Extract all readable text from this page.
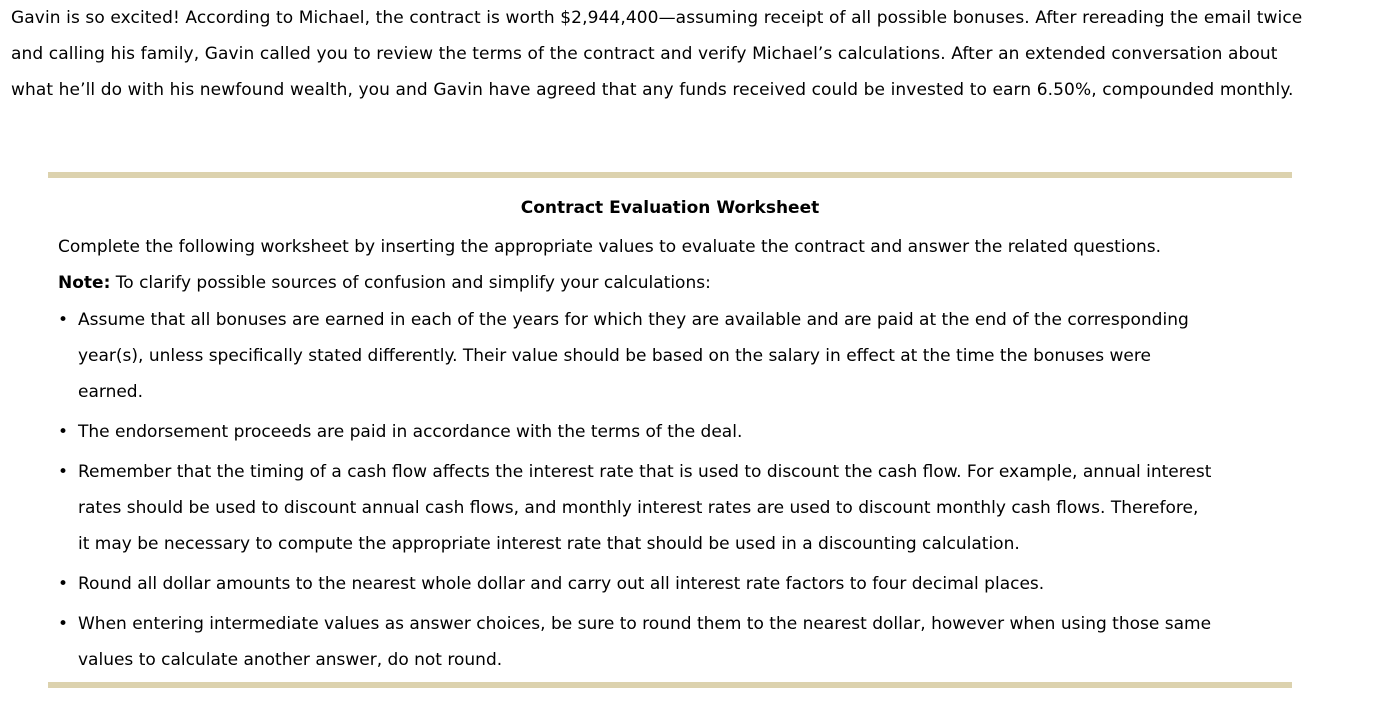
Gavin is so excited! According to Michael, the contract is worth $2,944,400—assuming receipt of all possible bonuses. After rereading the email twice
and calling his family, Gavin called you to review the terms of the contract and verify Michael’s calculations. After an extended conversation about
what he’ll do with his newfound wealth, you and Gavin have agreed that any funds received could be invested to earn 6.50%, compounded monthly.
Contract Evaluation Worksheet
Complete the following worksheet by inserting the appropriate values to evaluate the contract and answer the related questions.
Note: To clarify possible sources of confusion and simplify your calculations:
• Assume that all bonuses are earned in each of the years for which they are available and are paid at the end of the corresponding
year(s), unless specifically stated differently. Their value should be based on the salary in effect at the time the bonuses were
earned.
• The endorsement proceeds are paid in accordance with the terms of the deal.
• Remember that the timing of a cash flow affects the interest rate that is used to discount the cash flow. For example, annual interest
rates should be used to discount annual cash flows, and monthly interest rates are used to discount monthly cash flows. Therefore,
it may be necessary to compute the appropriate interest rate that should be used in a discounting calculation.
• Round all dollar amounts to the nearest whole dollar and carry out all interest rate factors to four decimal places.
• When entering intermediate values as answer choices, be sure to round them to the nearest dollar, however when using those same
values to calculate another answer, do not round.
